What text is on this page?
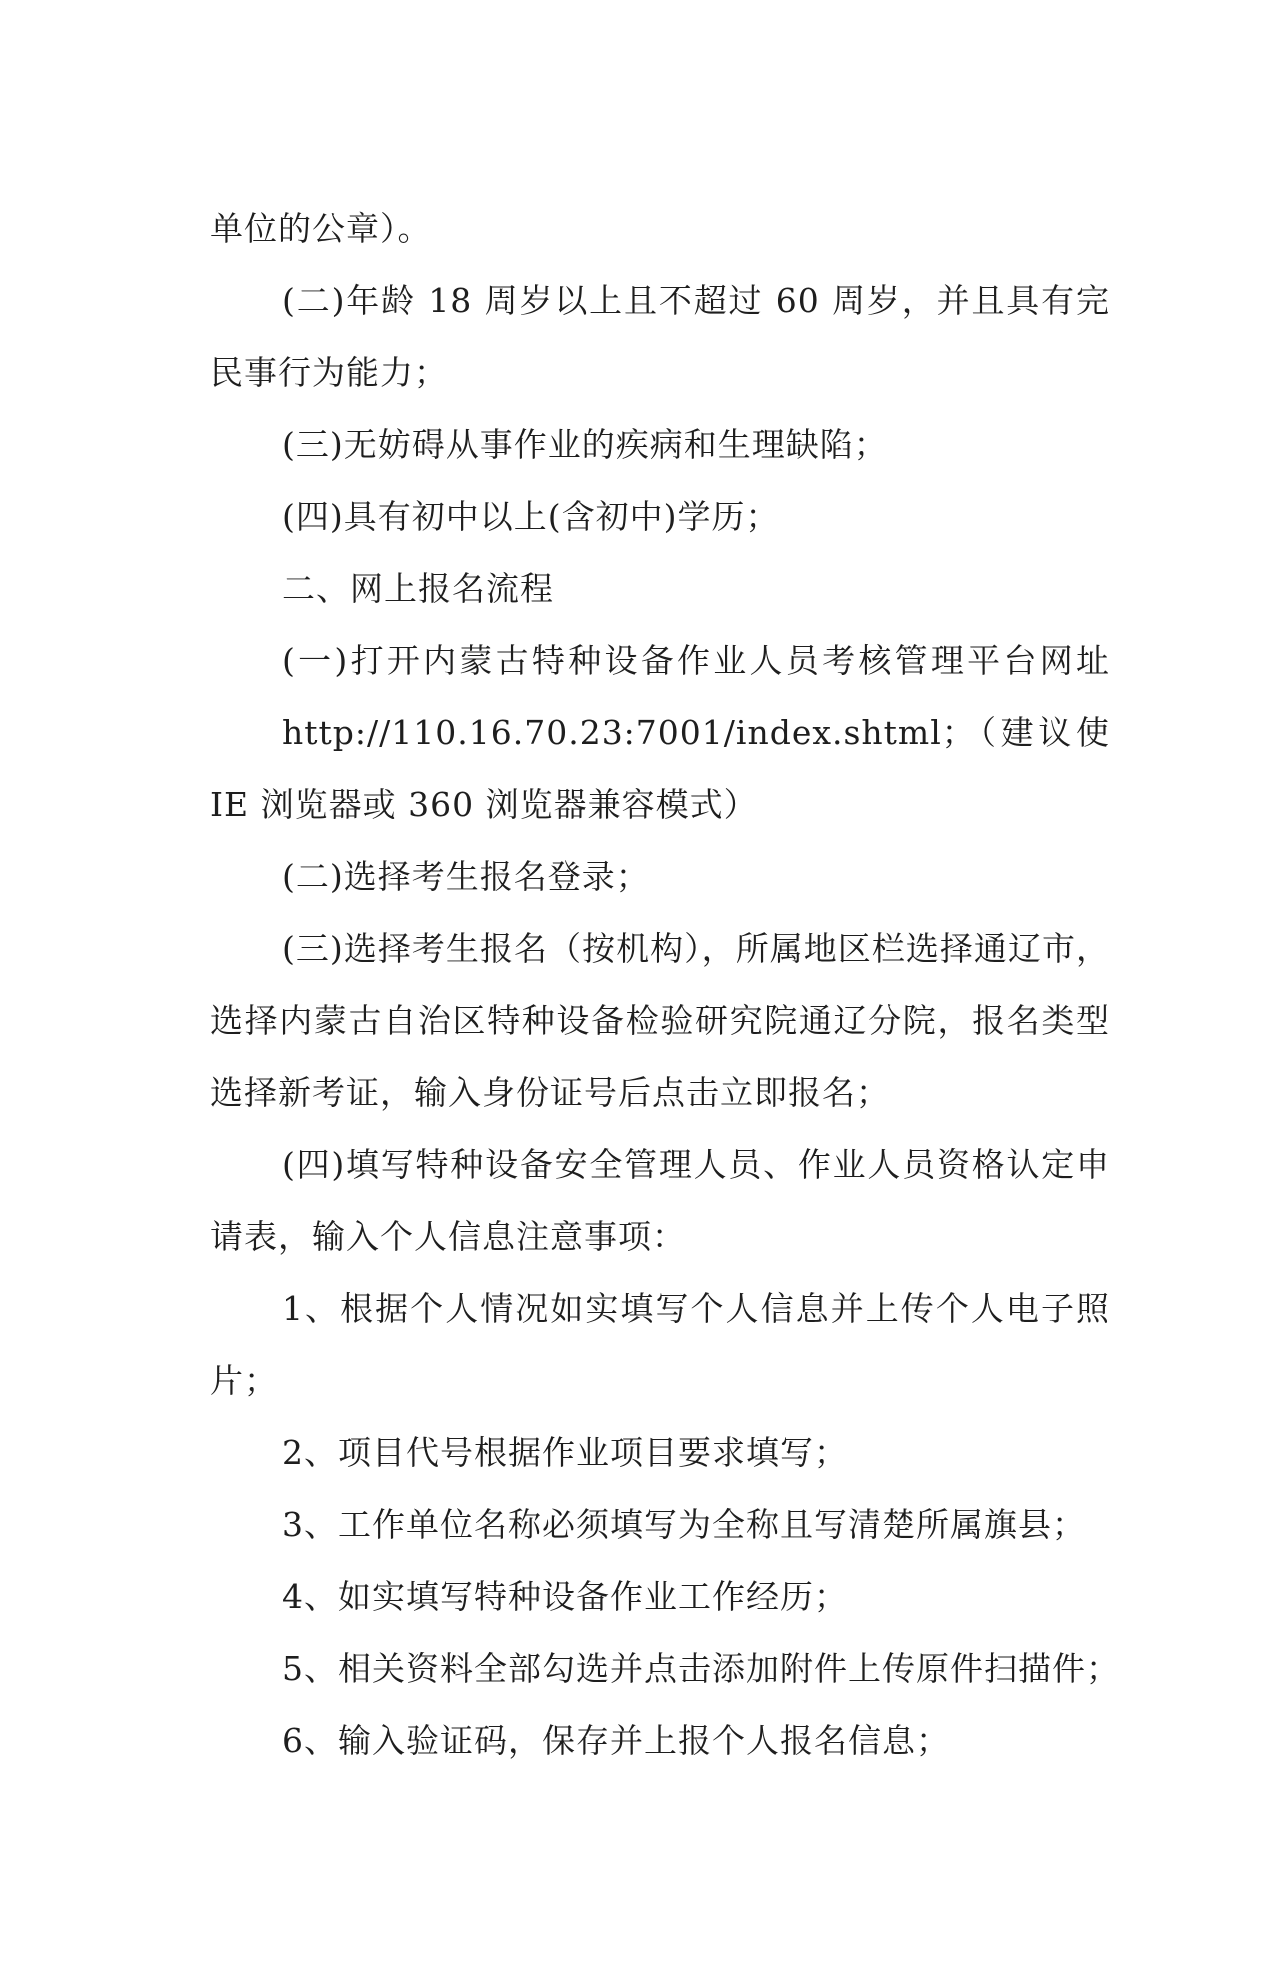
单位的公章）。
(二)年龄 18 周岁以上且不超过 60 周岁，并且具有完
民事行为能力；
(三)无妨碍从事作业的疾病和生理缺陷；
(四)具有初中以上(含初中)学历；
二、网上报名流程
(一)打开内蒙古特种设备作业人员考核管理平台网址
http://110.16.70.23:7001/index.shtml；（建议使
IE 浏览器或 360 浏览器兼容模式）
(二)选择考生报名登录；
(三)选择考生报名（按机构），所属地区栏选择通辽市，
选择内蒙古自治区特种设备检验研究院通辽分院，报名类型
选择新考证，输入身份证号后点击立即报名；
(四)填写特种设备安全管理人员、作业人员资格认定申
请表，输入个人信息注意事项：
1、根据个人情况如实填写个人信息并上传个人电子照
片；
2、项目代号根据作业项目要求填写；
3、工作单位名称必须填写为全称且写清楚所属旗县；
4、如实填写特种设备作业工作经历；
5、相关资料全部勾选并点击添加附件上传原件扫描件；
6、输入验证码，保存并上报个人报名信息；
